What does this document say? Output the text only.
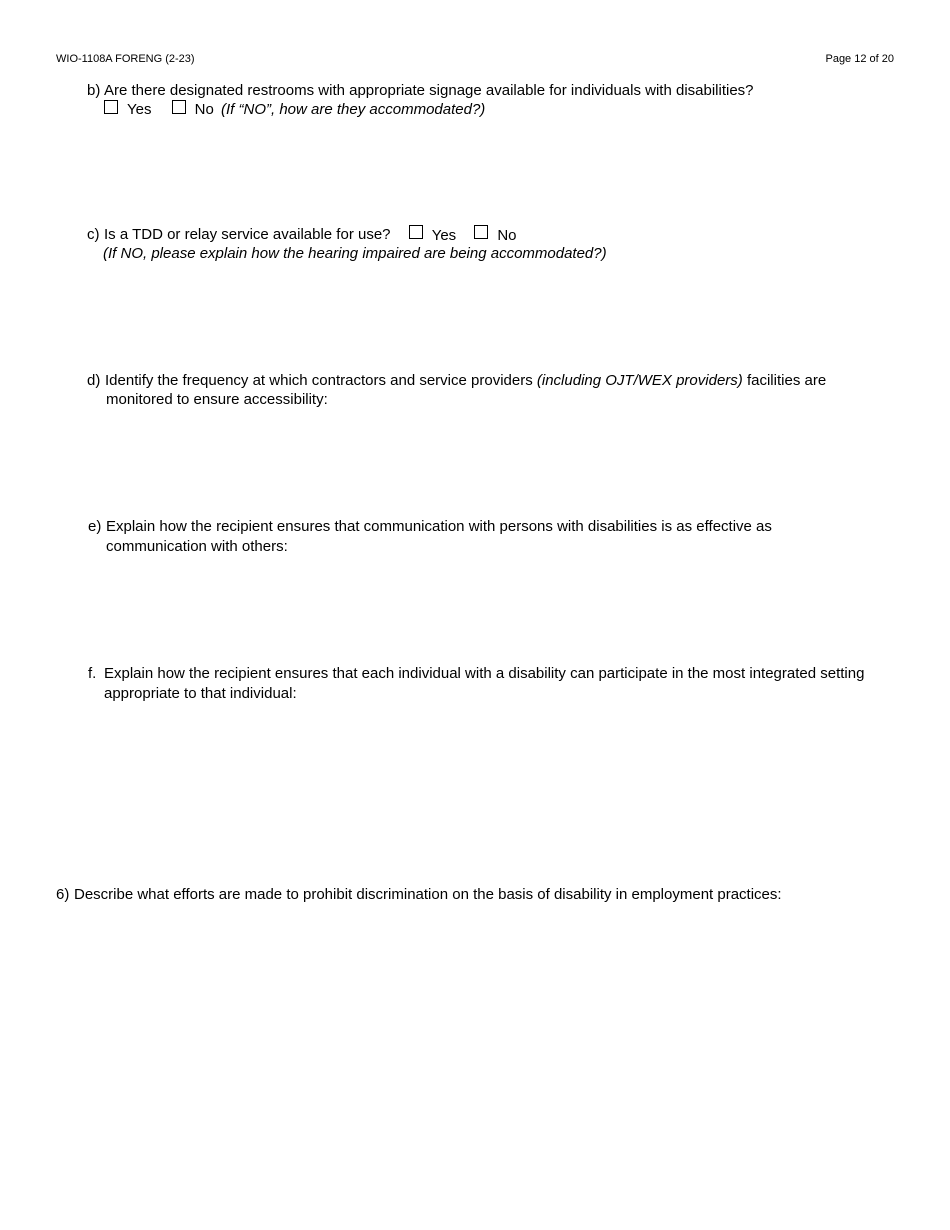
WIO-1108A FORENG (2-23)	Page 12 of 20
b) Are there designated restrooms with appropriate signage available for individuals with disabilities?
Yes
	No (If “NO”, how are they accommodated?)
c) Is a TDD or relay service available for use?	Yes
	No
(If NO, please explain how the hearing impaired are being accommodated?)
d) Identify the frequency at which contractors and service providers (including OJT/WEX providers) facilities are
monitored to ensure accessibility:
e) Explain how the recipient ensures that communication with persons with disabilities is as effective as
communication with others:
f. Explain how the recipient ensures that each individual with a disability can participate in the most integrated setting
appropriate to that individual:
6) Describe what efforts are made to prohibit discrimination on the basis of disability in employment practices:
